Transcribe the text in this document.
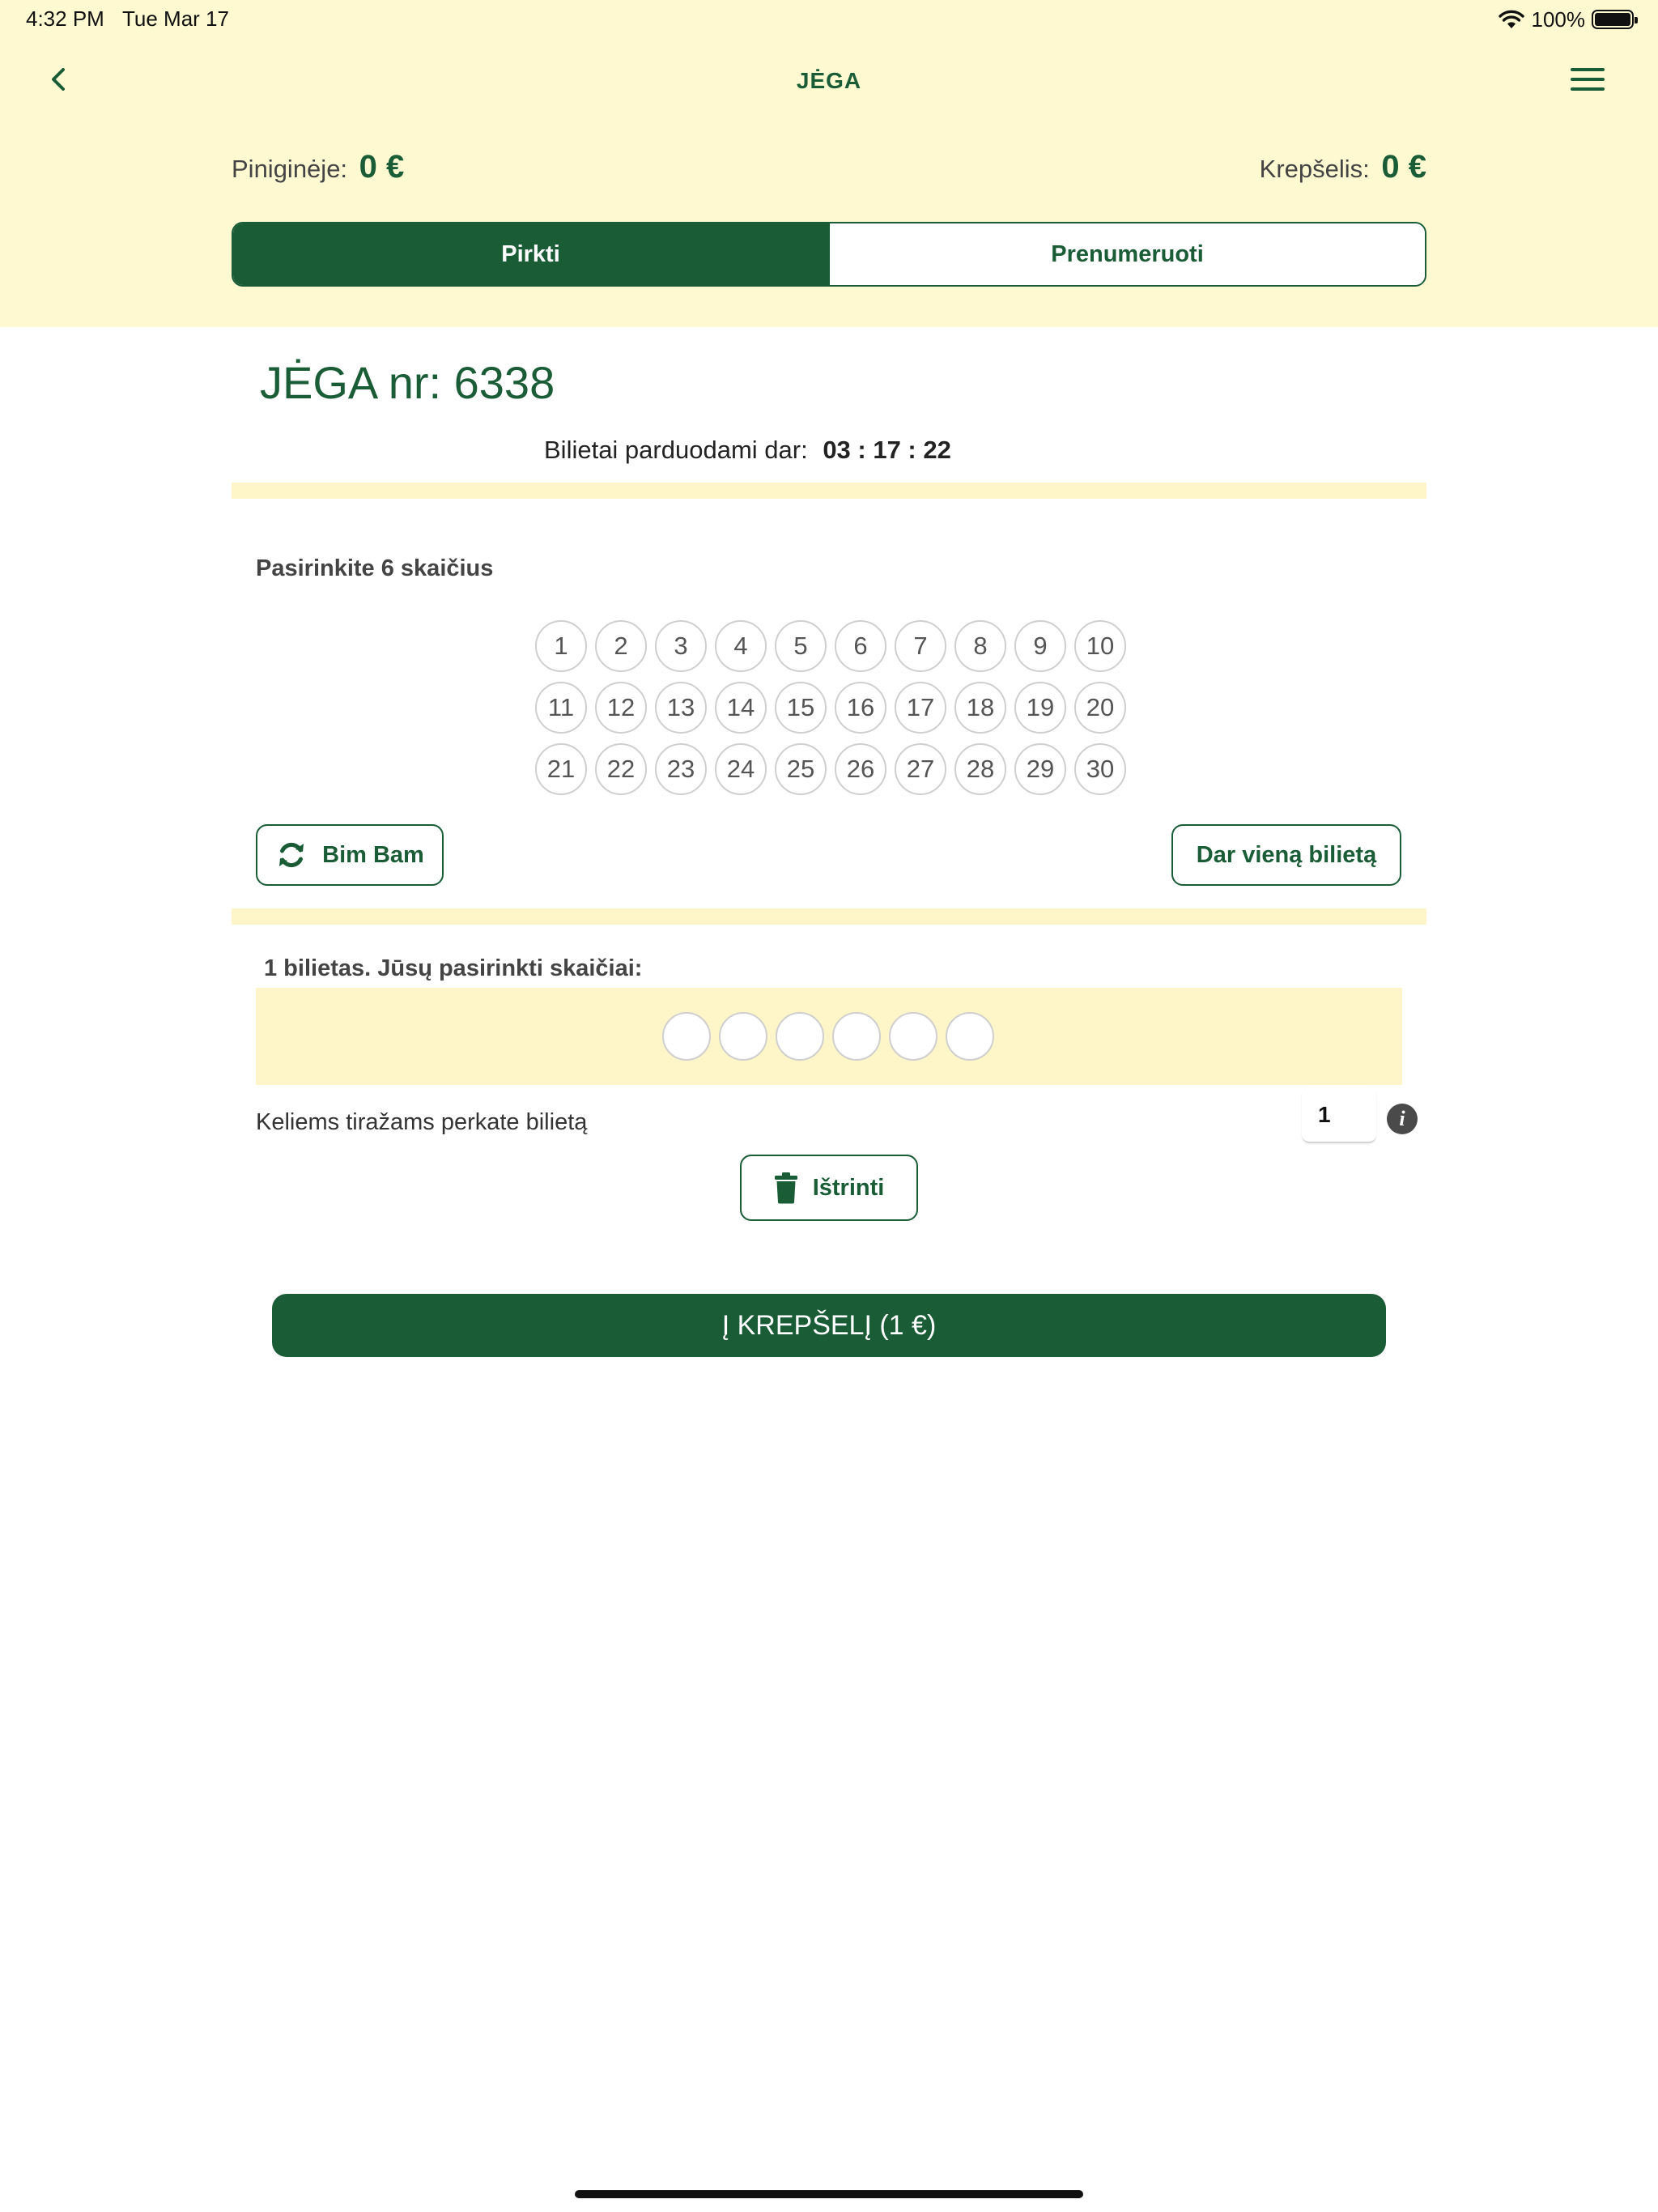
4:32 PM Tue Mar 17	100%
JĖGA
Piniginėje: 0 €	Krepšelis: 0 €
Pirkti	Prenumeruoti
JĖGA nr: 6338
Bilietai parduodami dar: 03 : 17 : 22
Pasirinkite 6 skaičius
1	2	3	4	5	6	7	8	9	10
11	12	13	14	15	16	17	18	19	20
21	22	23	24	25	26	27	28	29	30
Bim Bam	Dar vieną bilietą
1 bilietas. Jūsų pasirinkti skaičiai:
Keliems tiražams perkate bilietą
1	i
Ištrinti
Į KREPŠELĮ (1 €)
